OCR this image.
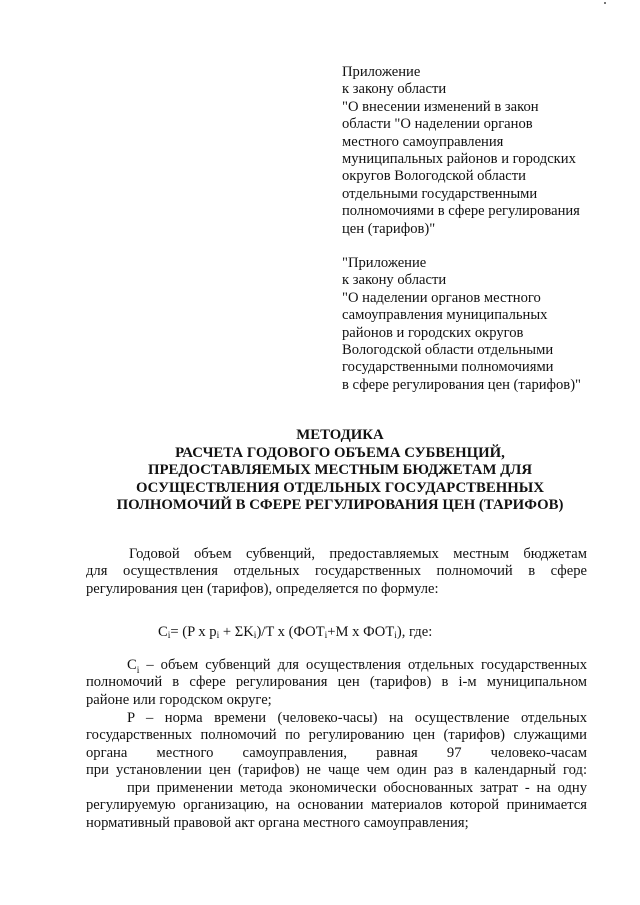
Приложение
к закону области
"О внесении изменений в закон
области "О наделении органов
местного самоуправления
муниципальных районов и городских
округов Вологодской области
отдельными государственными
полномочиями в сфере регулирования
цен (тарифов)"
"Приложение
к закону области
"О наделении органов местного
самоуправления муниципальных
районов и городских округов
Вологодской области отдельными
государственными полномочиями
в сфере регулирования цен (тарифов)"
МЕТОДИКА
РАСЧЕТА ГОДОВОГО ОБЪЕМА СУБВЕНЦИЙ,
ПРЕДОСТАВЛЯЕМЫХ МЕСТНЫМ БЮДЖЕТАМ ДЛЯ
ОСУЩЕСТВЛЕНИЯ ОТДЕЛЬНЫХ ГОСУДАРСТВЕННЫХ
ПОЛНОМОЧИЙ В СФЕРЕ РЕГУЛИРОВАНИЯ ЦЕН (ТАРИФОВ)
Годовой объем субвенций, предоставляемых местным бюджетам
для осуществления отдельных государственных полномочий в сфере
регулирования цен (тарифов), определяется по формуле:
$C_i= (P$ x $p_i + \Sigma K_i)/T$ x ($ФОТ_i+M$ x $ФОТ_i$), где:
$C_i$ – объем субвенций для осуществления отдельных государственных
полномочий в сфере регулирования цен (тарифов) в i-м муниципальном
районе или городском округе;
P – норма времени (человеко-часы) на осуществление отдельных
государственных полномочий по регулированию цен (тарифов) служащими
органа местного самоуправления, равная 97 человеко-часам
при установлении цен (тарифов) не чаще чем один раз в календарный год:
при применении метода экономически обоснованных затрат - на одну
регулируемую организацию, на основании материалов которой принимается
нормативный правовой акт органа местного самоуправления;
